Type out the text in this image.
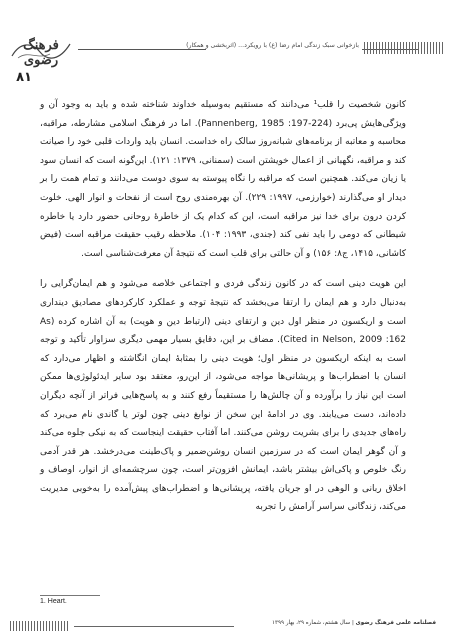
فرهنگ رضوی
بازخوانی سبک زندگی امام رضا (ع) با رویکرد... (اثربخشی و همکار)
۸۱

کانون شخصیت را قلب¹ می‌دانند که مستقیم به‌وسیله خداوند شناخته شده و باید به وجود آن و ویژگی‌هایش پی‌برد (Pannenberg, 1985 :197-224). اما در فرهنگ اسلامی مشارطه، مراقبه، محاسبه و معاتبه از برنامه‌های شبانه‌روز سالک راه خداست. انسان باید واردات قلبی خود را صیانت کند و مراقبه، نگهبانی از اعمال خویشتن است (سمنانی، ۱۳۷۹: ۱۲۱). این‌گونه است که انسان سود یا زیان می‌کند. همچنین است که مراقبه را نگاه پیوسته به سوی دوست می‌دانند و تمام همت را بر دیدار او می‌گذارند (خوارزمی، ۱۹۹۷: ۲۲۹). آن بهره‌مندی روح است از نفحات و انوار الهی. خلوت کردن درون برای خدا نیز مراقبه است، این که کدام یک از خاطرهٔ روحانی حضور دارد یا خاطره شیطانی که دومی را باید نفی کند (جندی، ۱۹۹۳: ۱۰۴). ملاحظه رقیب حقیقت مراقبه است (فیض کاشانی، ۱۴۱۵، ج۸: ۱۵۶) و آن حالتی برای قلب است که نتیجهٔ آن معرفت‌شناسی است.

این هویت دینی است که در کانون زندگی فردی و اجتماعی خلاصه می‌شود و هم ایمان‌گرایی را به‌دنبال دارد و هم ایمان را ارتقا می‌بخشد که نتیجهٔ توجه و عملکرد کارکردهای مصادیق دینداری است و اریکسون در منظر اول دین و ارتقای دینی (ارتباط دین و هویت) به آن اشاره کرده (As Cited in Nelson, 2009 :162). مضاف بر این، دقایق بسیار مهمی دیگری سزاوار تأکید و توجه است به اینکه اریکسون در منظر اول؛ هویت دینی را بمثابهٔ ایمان انگاشته و اظهار می‌دارد که انسان با اضطراب‌ها و پریشانی‌ها مواجه می‌شود، از این‌رو، معتقد بود سایر ایدئولوژی‌ها ممکن است این نیاز را برآورده و آن چالش‌ها را مستقیماً رفع کنند و به پاسخ‌هایی فراتر از آنچه دیگران داده‌اند، دست می‌یابند. وی در ادامهٔ این سخن از نوابغ دینی چون لوتر یا گاندی نام می‌برد که راه‌های جدیدی را برای بشریت روشن می‌کنند. اما آفتاب حقیقت اینجاست که به نیکی جلوه می‌کند و آن گوهر ایمان است که در سرزمین انسان روشن‌ضمیر و پاک‌طینت می‌درخشد. هر قدر آدمی رنگ خلوص و پاکی‌اش بیشتر باشد، ایمانش افزون‌تر است، چون سرچشمه‌ای از انوار، اوصاف و اخلاق ربانی و الوهی در او جریان یافته، پریشانی‌ها و اضطراب‌های پیش‌آمده را به‌خوبی مدیریت می‌کند، زندگانی سراسر آرامش را تجربه

1. Heart.
فصلنامه علمی فرهنگ رضوی | سال هشتم، شماره ۲۹، بهار ۱۳۹۹
